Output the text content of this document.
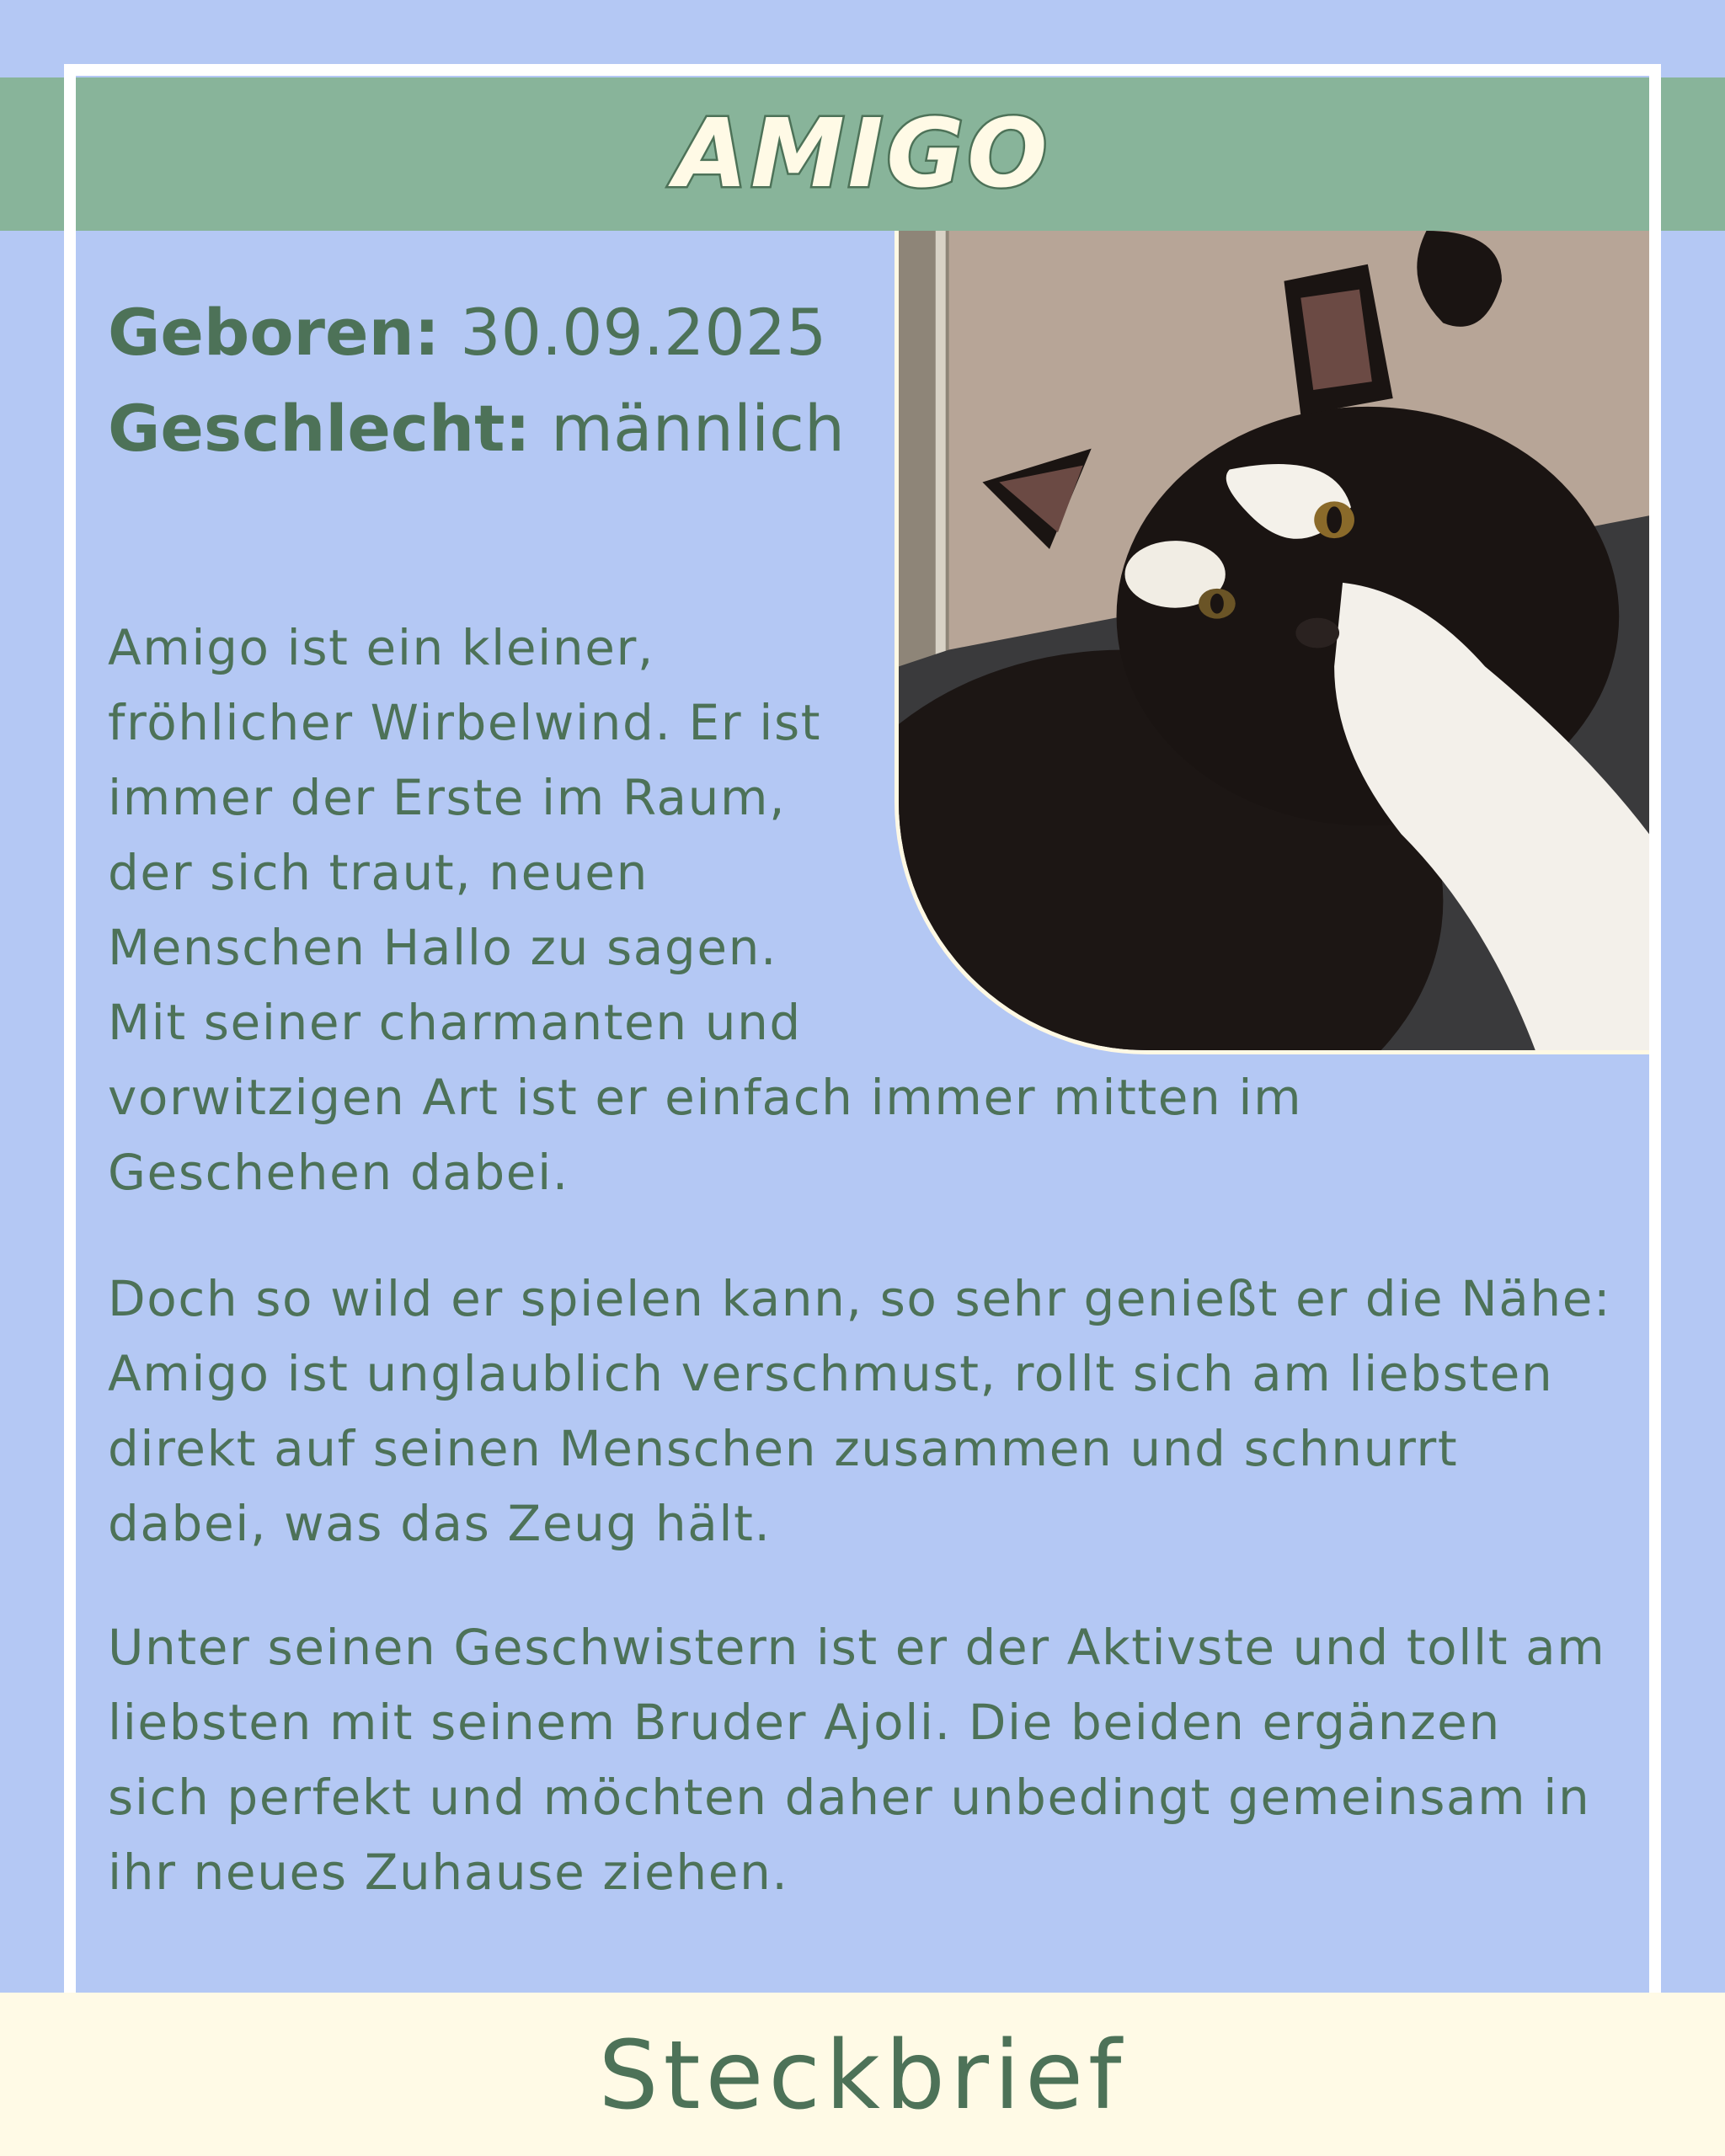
AMIGO
Geboren: 30.09.2025
Geschlecht: männlich
Amigo ist ein kleiner,
fröhlicher Wirbelwind. Er ist
immer der Erste im Raum,
der sich traut, neuen
Menschen Hallo zu sagen.
Mit seiner charmanten und
vorwitzigen Art ist er einfach immer mitten im
Geschehen dabei.

Doch so wild er spielen kann, so sehr genießt er die Nähe: Amigo ist unglaublich verschmust, rollt sich am liebsten direkt auf seinen Menschen zusammen und schnurrt dabei, was das Zeug hält.

Unter seinen Geschwistern ist er der Aktivste und tollt am liebsten mit seinem Bruder Ajoli. Die beiden ergänzen sich perfekt und möchten daher unbedingt gemeinsam in ihr neues Zuhause ziehen.

Steckbrief
